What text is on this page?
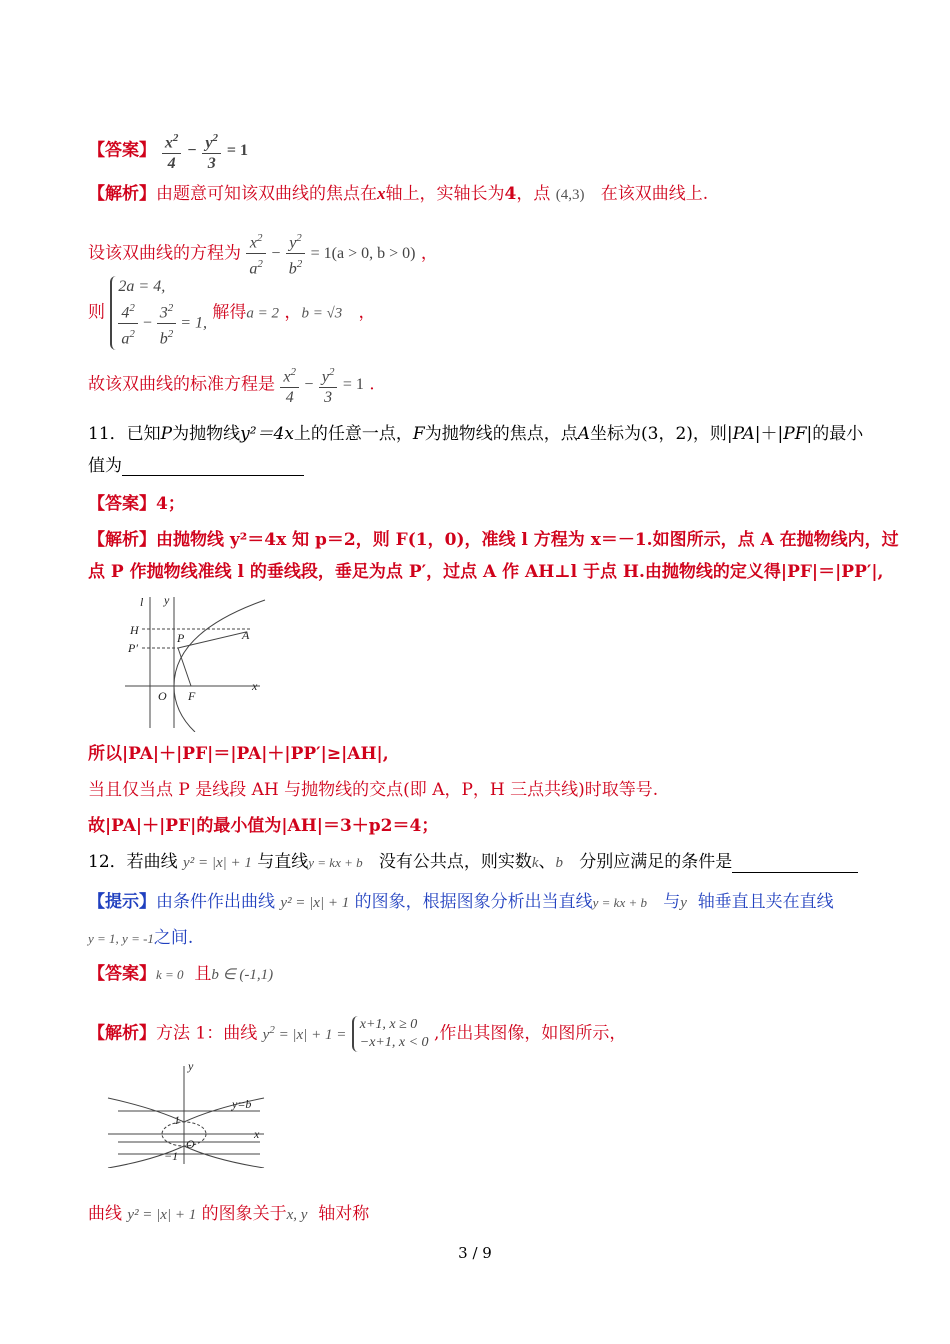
【答案】 $\frac{x^2}{4} - \frac{y^2}{3} = 1$
【解析】由题意可知该双曲线的焦点在x轴上，实轴长为4，点 (4,3) 在该双曲线上.
设该双曲线的方程为 $\frac{x^2}{a^2} - \frac{y^2}{b^2} = 1(a > 0$, b > 0) ，
则
2a = 4,
$\frac{4^2}{a^2} - \frac{3^2}{b^2} = 1$,
解得a = 2 ，b = √3   ，
故该双曲线的标准方程是 $\frac{x^2}{4} - \frac{y^2}{3} = 1$ .
11．已知P为抛物线y²＝4x上的任意一点，F为抛物线的焦点，点A坐标为(3，2)，则|PA|＋|PF|的最小
值为
【答案】4；
【解析】由抛物线 y²＝4x 知 p＝2，则 F(1，0)，准线 l 方程为 x＝－1.如图所示，点 A 在抛物线内，过
点 P 作抛物线准线 l 的垂线段，垂足为点 P′，过点 A 作 AH⊥l 于点 H.由抛物线的定义得|PF|＝|PP′|,
l y
H
P
P′
A
O F
x
所以|PA|＋|PF|＝|PA|＋|PP′|≥|AH|,
当且仅当点 P 是线段 AH 与抛物线的交点(即 A，P，H 三点共线)时取等号.
故|PA|＋|PF|的最小值为|AH|＝3＋p2＝4；
12．若曲线 y² = |x| + 1 与直线y = kx + b 没有公共点，则实数k、b 分别应满足的条件是
【提示】由条件作出曲线 y² = |x| + 1 的图象，根据图象分析出当直线y = kx + b 与y 轴垂直且夹在直线
y = 1, y = -1之间.
【答案】k = 0 且b ∈ (-1,1)
【解析】方法 1：曲线 $y^2 = |x| + 1$ =
x+1, x ≥ 0
−x+1, x < 0 ,作出其图像，如图所示，
y
1
y=b
O
x
−1
曲线 y² = |x| + 1 的图象关于x, y 轴对称
3 / 9
